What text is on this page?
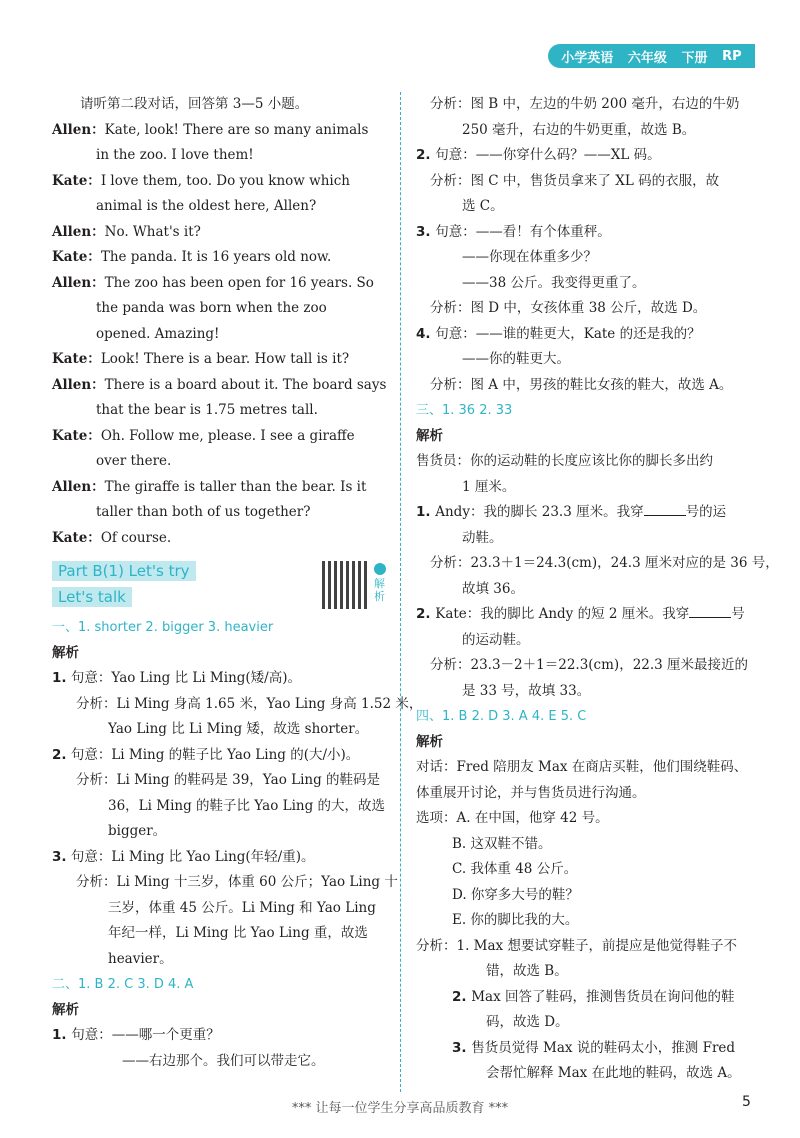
小学英语 六年级 下册 RP
请听第二段对话，回答第 3—5 小题。
Allen：Kate, look! There are so many animals
in the zoo. I love them!
Kate：I love them, too. Do you know which
animal is the oldest here, Allen?
Allen：No. What's it?
Kate：The panda. It is 16 years old now.
Allen：The zoo has been open for 16 years. So
the panda was born when the zoo
opened. Amazing!
Kate：Look! There is a bear. How tall is it?
Allen：There is a board about it. The board says
that the bear is 1.75 metres tall.
Kate：Oh. Follow me, please. I see a giraffe
over there.
Allen：The giraffe is taller than the bear. Is it
taller than both of us together?
Kate：Of course.
Part B(1) Let's try
Let's talk
解析
一、1. shorter 2. bigger 3. heavier
解析
1. 句意：Yao Ling 比 Li Ming(矮/高)。
分析：Li Ming 身高 1.65 米，Yao Ling 身高 1.52 米，
Yao Ling 比 Li Ming 矮，故选 shorter。
2. 句意：Li Ming 的鞋子比 Yao Ling 的(大/小)。
分析：Li Ming 的鞋码是 39，Yao Ling 的鞋码是
36，Li Ming 的鞋子比 Yao Ling 的大，故选
bigger。
3. 句意：Li Ming 比 Yao Ling(年轻/重)。
分析：Li Ming 十三岁，体重 60 公斤；Yao Ling 十
三岁，体重 45 公斤。Li Ming 和 Yao Ling
年纪一样，Li Ming 比 Yao Ling 重，故选
heavier。
二、1. B 2. C 3. D 4. A
解析
1. 句意：——哪一个更重？
——右边那个。我们可以带走它。
分析：图 B 中，左边的牛奶 200 毫升，右边的牛奶
250 毫升，右边的牛奶更重，故选 B。
2. 句意：——你穿什么码？——XL 码。
分析：图 C 中，售货员拿来了 XL 码的衣服，故
选 C。
3. 句意：——看！有个体重秤。
——你现在体重多少？
——38 公斤。我变得更重了。
分析：图 D 中，女孩体重 38 公斤，故选 D。
4. 句意：——谁的鞋更大，Kate 的还是我的？
——你的鞋更大。
分析：图 A 中，男孩的鞋比女孩的鞋大，故选 A。
三、1. 36 2. 33
解析
售货员：你的运动鞋的长度应该比你的脚长多出约
1 厘米。
1. Andy：我的脚长 23.3 厘米。我穿	号的运
动鞋。
分析：23.3＋1＝24.3(cm)，24.3 厘米对应的是 36 号，
故填 36。
2. Kate：我的脚比 Andy 的短 2 厘米。我穿	号
的运动鞋。
分析：23.3－2＋1＝22.3(cm)，22.3 厘米最接近的
是 33 号，故填 33。
四、1. B 2. D 3. A 4. E 5. C
解析
对话：Fred 陪朋友 Max 在商店买鞋，他们围绕鞋码、
体重展开讨论，并与售货员进行沟通。
选项：A. 在中国，他穿 42 号。
B. 这双鞋不错。
C. 我体重 48 公斤。
D. 你穿多大号的鞋？
E. 你的脚比我的大。
分析：1. Max 想要试穿鞋子，前提应是他觉得鞋子不
错，故选 B。
2. Max 回答了鞋码，推测售货员在询问他的鞋
码，故选 D。
3. 售货员觉得 Max 说的鞋码太小，推测 Fred
会帮忙解释 Max 在此地的鞋码，故选 A。
*** 让每一位学生分享高品质教育 ***	5
